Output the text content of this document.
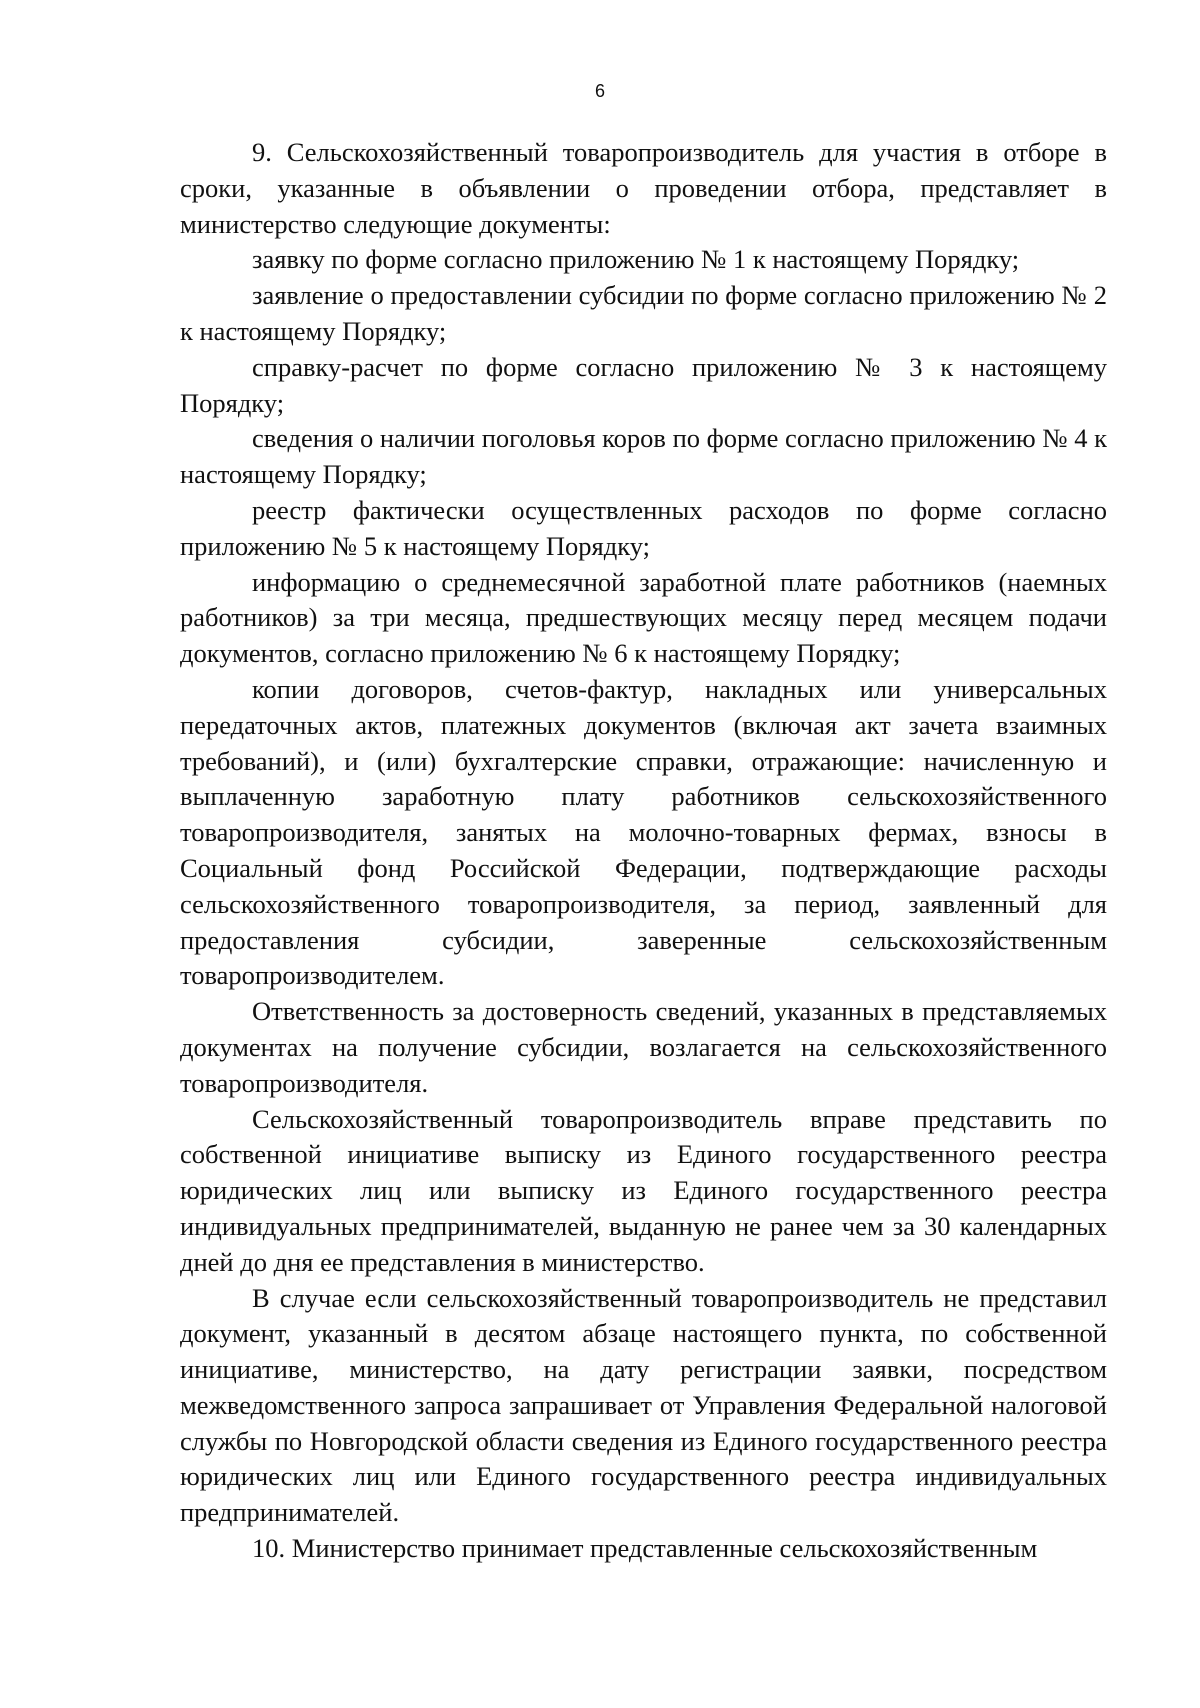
6

9. Сельскохозяйственный товаропроизводитель для участия в отборе в сроки, указанные в объявлении о проведении отбора, представляет в министерство следующие документы:

заявку по форме согласно приложению № 1 к настоящему Порядку;

заявление о предоставлении субсидии по форме согласно приложению № 2 к настоящему Порядку;

справку-расчет по форме согласно приложению № 3 к настоящему Порядку;

сведения о наличии поголовья коров по форме согласно приложению № 4 к настоящему Порядку;

реестр фактически осуществленных расходов по форме согласно приложению № 5 к настоящему Порядку;

информацию о среднемесячной заработной плате работников (наемных работников) за три месяца, предшествующих месяцу перед месяцем подачи документов, согласно приложению № 6 к настоящему Порядку;

копии договоров, счетов-фактур, накладных или универсальных передаточных актов, платежных документов (включая акт зачета взаимных требований), и (или) бухгалтерские справки, отражающие: начисленную и выплаченную заработную плату работников сельскохозяйственного товаропроизводителя, занятых на молочно-товарных фермах, взносы в Социальный фонд Российской Федерации, подтверждающие расходы сельскохозяйственного товаропроизводителя, за период, заявленный для предоставления субсидии, заверенные сельскохозяйственным товаропроизводителем.

Ответственность за достоверность сведений, указанных в представляемых документах на получение субсидии, возлагается на сельскохозяйственного товаропроизводителя.

Сельскохозяйственный товаропроизводитель вправе представить по собственной инициативе выписку из Единого государственного реестра юридических лиц или выписку из Единого государственного реестра индивидуальных предпринимателей, выданную не ранее чем за 30 календарных дней до дня ее представления в министерство.

В случае если сельскохозяйственный товаропроизводитель не представил документ, указанный в десятом абзаце настоящего пункта, по собственной инициативе, министерство, на дату регистрации заявки, посредством межведомственного запроса запрашивает от Управления Федеральной налоговой службы по Новгородской области сведения из Единого государственного реестра юридических лиц или Единого государственного реестра индивидуальных предпринимателей.

10. Министерство принимает представленные сельскохозяйственным
